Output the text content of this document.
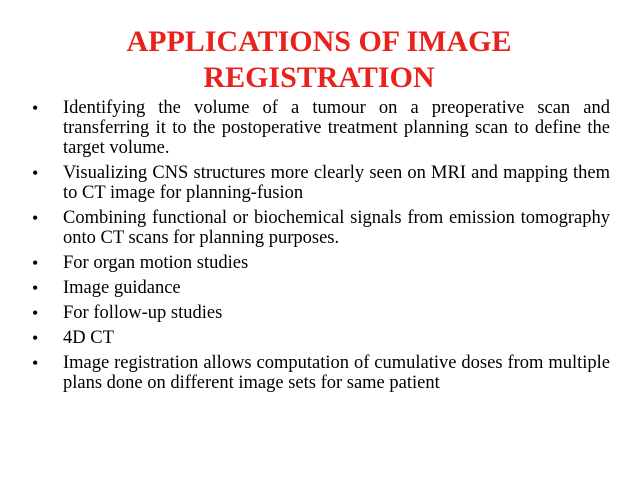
APPLICATIONS OF IMAGE
REGISTRATION
• Identifying the volume of a tumour on a preoperative scan and transferring it to the postoperative treatment planning scan to define the target volume.
• Visualizing CNS structures more clearly seen on MRI and mapping them to CT image for planning-fusion
• Combining functional or biochemical signals from emission tomography onto CT scans for planning purposes.
• For organ motion studies
• Image guidance
• For follow-up studies
• 4D CT
• Image registration allows computation of cumulative doses from multiple plans done on different image sets for same patient
